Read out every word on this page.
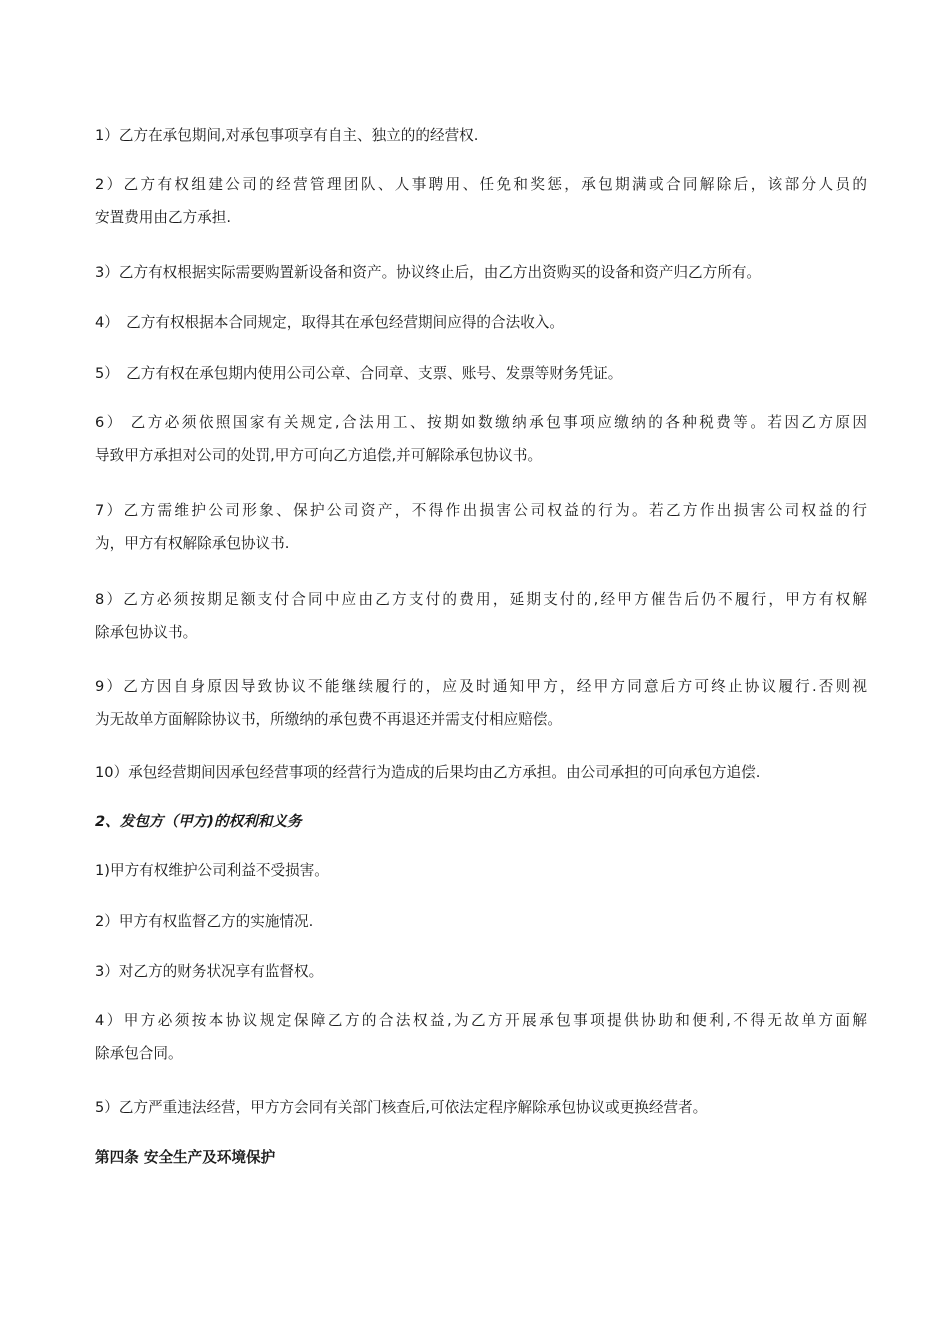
1）乙方在承包期间,对承包事项享有自主、独立的的经营权.

2）乙方有权组建公司的经营管理团队、人事聘用、任免和奖惩，承包期满或合同解除后，该部分人员的
安置费用由乙方承担.

3）乙方有权根据实际需要购置新设备和资产。协议终止后，由乙方出资购买的设备和资产归乙方所有。

4）　乙方有权根据本合同规定，取得其在承包经营期间应得的合法收入。

5）　乙方有权在承包期内使用公司公章、合同章、支票、账号、发票等财务凭证。

6） 乙方必须依照国家有关规定,合法用工、按期如数缴纳承包事项应缴纳的各种税费等。若因乙方原因
导致甲方承担对公司的处罚,甲方可向乙方追偿,并可解除承包协议书。

7）乙方需维护公司形象、保护公司资产，不得作出损害公司权益的行为。若乙方作出损害公司权益的行
为，甲方有权解除承包协议书.

8）乙方必须按期足额支付合同中应由乙方支付的费用，延期支付的,经甲方催告后仍不履行，甲方有权解
除承包协议书。

9）乙方因自身原因导致协议不能继续履行的，应及时通知甲方，经甲方同意后方可终止协议履行.否则视
为无故单方面解除协议书，所缴纳的承包费不再退还并需支付相应赔偿。

10）承包经营期间因承包经营事项的经营行为造成的后果均由乙方承担。由公司承担的可向承包方追偿.

2、发包方（甲方)的权利和义务

1)甲方有权维护公司利益不受损害。

2）甲方有权监督乙方的实施情况.

3）对乙方的财务状况享有监督权。

4）甲方必须按本协议规定保障乙方的合法权益,为乙方开展承包事项提供协助和便利,不得无故单方面解
除承包合同。

5）乙方严重违法经营，甲方方会同有关部门核查后,可依法定程序解除承包协议或更换经营者。

第四条 安全生产及环境保护
